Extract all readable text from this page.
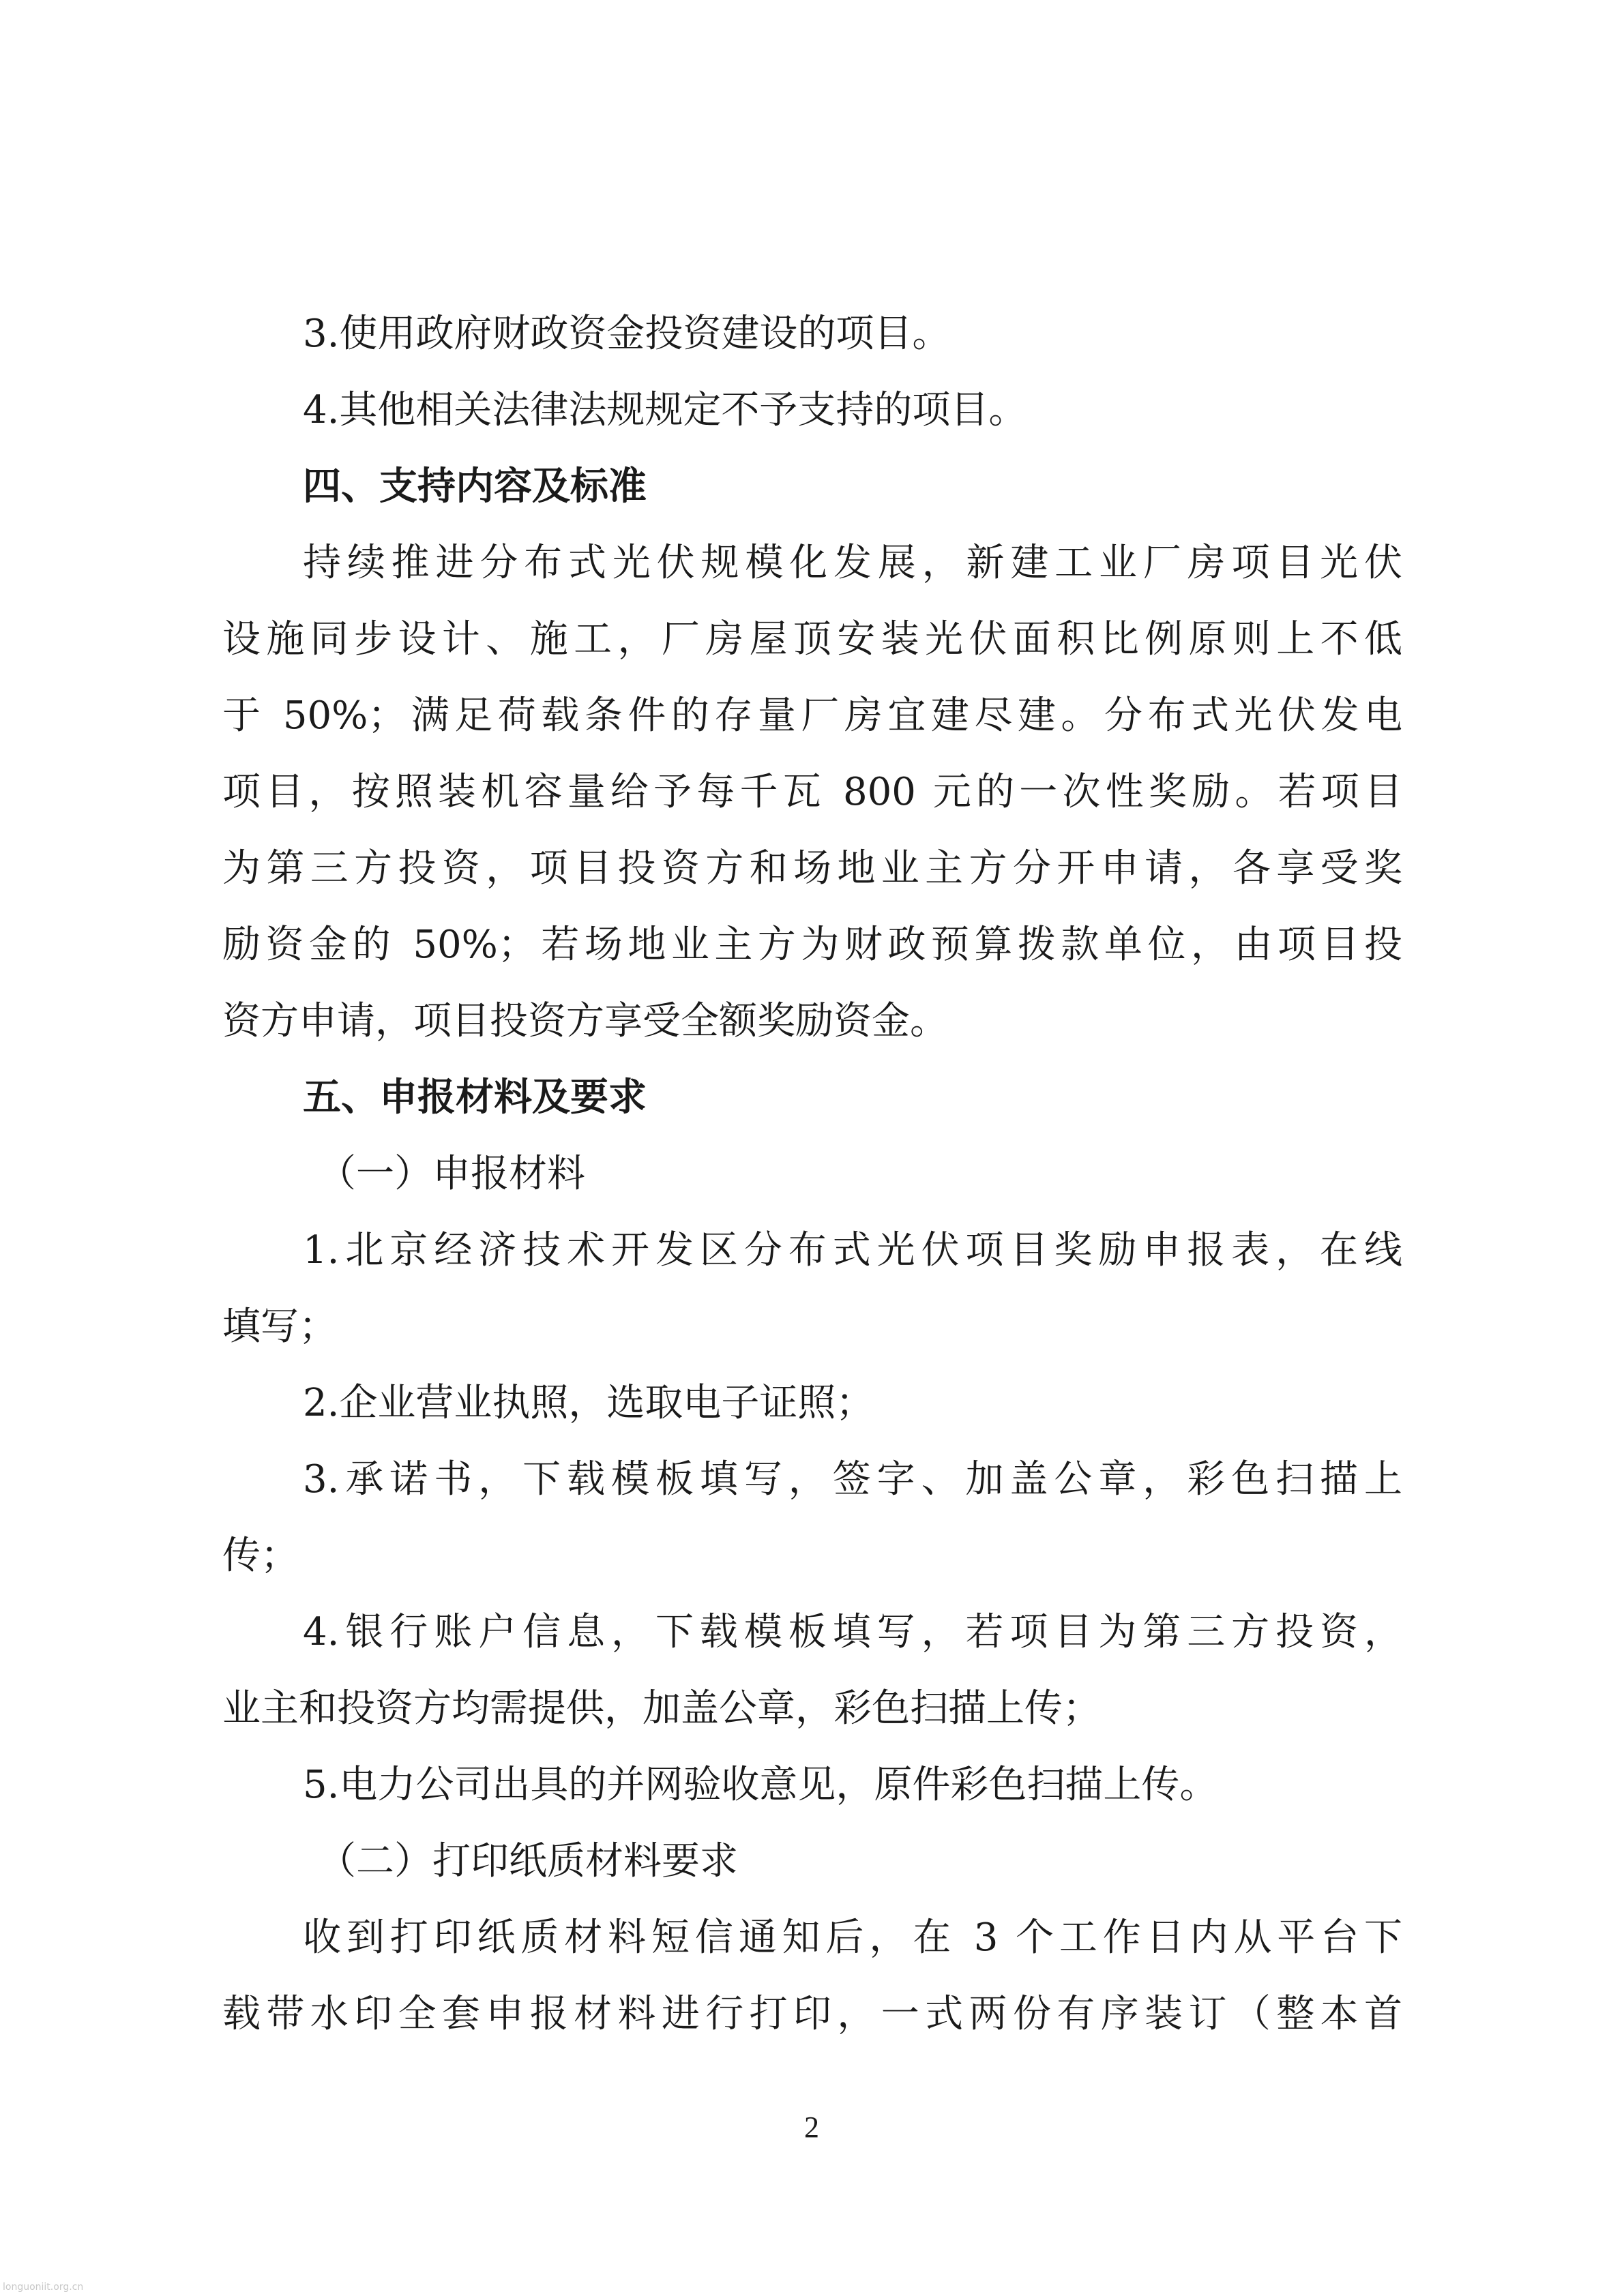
3.使用政府财政资金投资建设的项目。
4.其他相关法律法规规定不予支持的项目。
四、支持内容及标准
持续推进分布式光伏规模化发展，新建工业厂房项目光伏
设施同步设计、施工，厂房屋顶安装光伏面积比例原则上不低
于 50%；满足荷载条件的存量厂房宜建尽建。分布式光伏发电
项目，按照装机容量给予每千瓦 800 元的一次性奖励。若项目
为第三方投资，项目投资方和场地业主方分开申请，各享受奖
励资金的 50%；若场地业主方为财政预算拨款单位，由项目投
资方申请，项目投资方享受全额奖励资金。
五、申报材料及要求
（一）申报材料
1.北京经济技术开发区分布式光伏项目奖励申报表，在线
填写；
2.企业营业执照，选取电子证照；
3.承诺书，下载模板填写，签字、加盖公章，彩色扫描上
传；
4.银行账户信息，下载模板填写，若项目为第三方投资，
业主和投资方均需提供，加盖公章，彩色扫描上传；
5.电力公司出具的并网验收意见，原件彩色扫描上传。
（二）打印纸质材料要求
收到打印纸质材料短信通知后，在 3 个工作日内从平台下
载带水印全套申报材料进行打印，一式两份有序装订（整本首
2
longuoniit.org.cn
